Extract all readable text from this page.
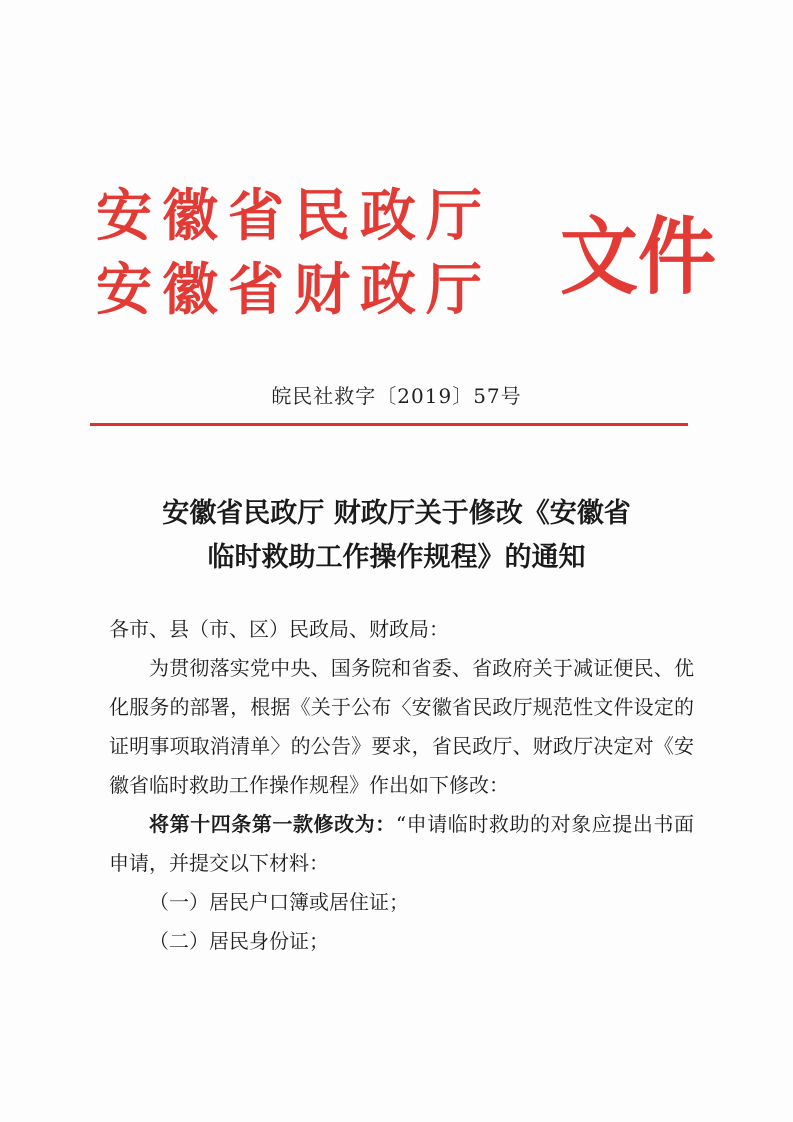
安徽省民政厅
安徽省财政厅 文件
皖民社救字〔2019〕57号
安徽省民政厅 财政厅关于修改《安徽省
临时救助工作操作规程》的通知

各市、县（市、区）民政局、财政局：

为贯彻落实党中央、国务院和省委、省政府关于减证便民、优化服务的部署，根据《关于公布〈安徽省民政厅规范性文件设定的证明事项取消清单〉的公告》要求，省民政厅、财政厅决定对《安徽省临时救助工作操作规程》作出如下修改：

将第十四条第一款修改为：“申请临时救助的对象应提出书面申请，并提交以下材料：

（一）居民户口簿或居住证；

（二）居民身份证；
